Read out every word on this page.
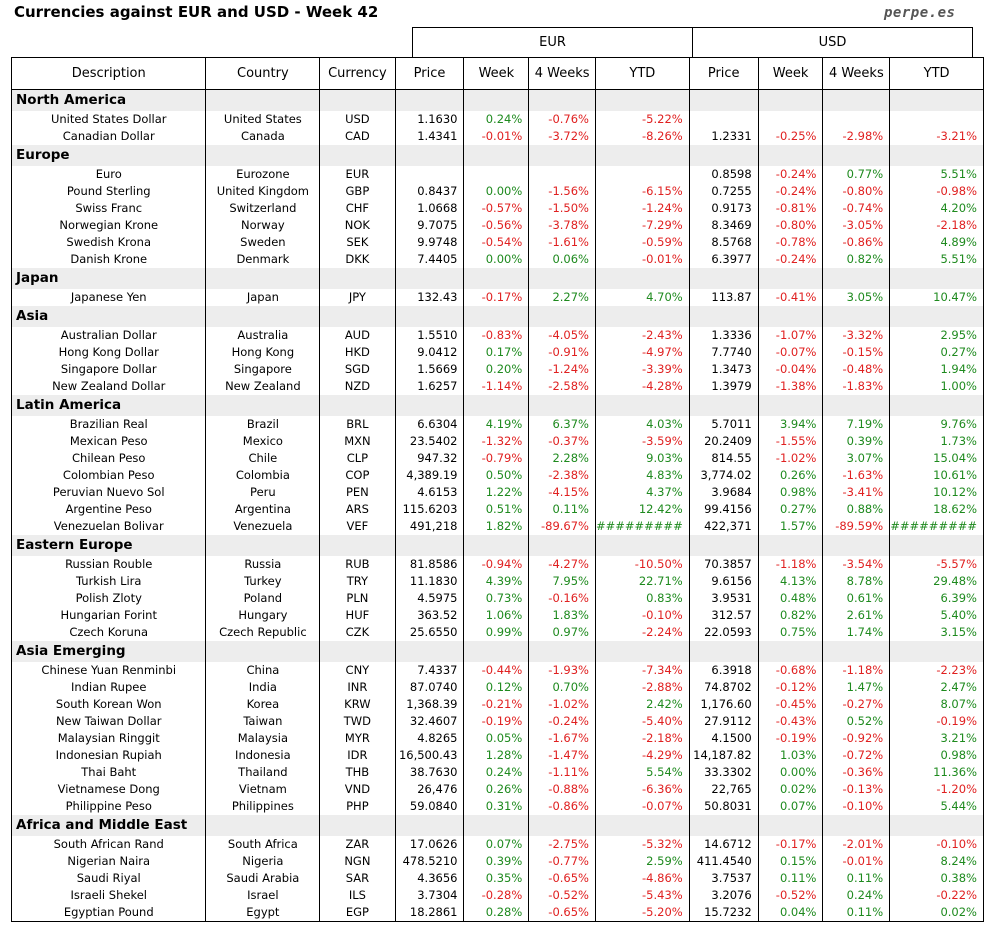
Currencies against EUR and USD - Week 42	perpe.es
EUR	USD
Description	Country	Currency	Price	Week	4 Weeks	YTD	Price	Week	4 Weeks	YTD
North America										
United States Dollar	United States	USD	1.1630	0.24%	-0.76%	-5.22%				
Canadian Dollar	Canada	CAD	1.4341	-0.01%	-3.72%	-8.26%	1.2331	-0.25%	-2.98%	-3.21%
Europe										
Euro	Eurozone	EUR					0.8598	-0.24%	0.77%	5.51%
Pound Sterling	United Kingdom	GBP	0.8437	0.00%	-1.56%	-6.15%	0.7255	-0.24%	-0.80%	-0.98%
Swiss Franc	Switzerland	CHF	1.0668	-0.57%	-1.50%	-1.24%	0.9173	-0.81%	-0.74%	4.20%
Norwegian Krone	Norway	NOK	9.7075	-0.56%	-3.78%	-7.29%	8.3469	-0.80%	-3.05%	-2.18%
Swedish Krona	Sweden	SEK	9.9748	-0.54%	-1.61%	-0.59%	8.5768	-0.78%	-0.86%	4.89%
Danish Krone	Denmark	DKK	7.4405	0.00%	0.06%	-0.01%	6.3977	-0.24%	0.82%	5.51%
Japan										
Japanese Yen	Japan	JPY	132.43	-0.17%	2.27%	4.70%	113.87	-0.41%	3.05%	10.47%
Asia										
Australian Dollar	Australia	AUD	1.5510	-0.83%	-4.05%	-2.43%	1.3336	-1.07%	-3.32%	2.95%
Hong Kong Dollar	Hong Kong	HKD	9.0412	0.17%	-0.91%	-4.97%	7.7740	-0.07%	-0.15%	0.27%
Singapore Dollar	Singapore	SGD	1.5669	0.20%	-1.24%	-3.39%	1.3473	-0.04%	-0.48%	1.94%
New Zealand Dollar	New Zealand	NZD	1.6257	-1.14%	-2.58%	-4.28%	1.3979	-1.38%	-1.83%	1.00%
Latin America										
Brazilian Real	Brazil	BRL	6.6304	4.19%	6.37%	4.03%	5.7011	3.94%	7.19%	9.76%
Mexican Peso	Mexico	MXN	23.5402	-1.32%	-0.37%	-3.59%	20.2409	-1.55%	0.39%	1.73%
Chilean Peso	Chile	CLP	947.32	-0.79%	2.28%	9.03%	814.55	-1.02%	3.07%	15.04%
Colombian Peso	Colombia	COP	4,389.19	0.50%	-2.38%	4.83%	3,774.02	0.26%	-1.63%	10.61%
Peruvian Nuevo Sol	Peru	PEN	4.6153	1.22%	-4.15%	4.37%	3.9684	0.98%	-3.41%	10.12%
Argentine Peso	Argentina	ARS	115.6203	0.51%	0.11%	12.42%	99.4156	0.27%	0.88%	18.62%
Venezuelan Bolivar	Venezuela	VEF	491,218	1.82%	-89.67%	#########	422,371	1.57%	-89.59%	#########
Eastern Europe										
Russian Rouble	Russia	RUB	81.8586	-0.94%	-4.27%	-10.50%	70.3857	-1.18%	-3.54%	-5.57%
Turkish Lira	Turkey	TRY	11.1830	4.39%	7.95%	22.71%	9.6156	4.13%	8.78%	29.48%
Polish Zloty	Poland	PLN	4.5975	0.73%	-0.16%	0.83%	3.9531	0.48%	0.61%	6.39%
Hungarian Forint	Hungary	HUF	363.52	1.06%	1.83%	-0.10%	312.57	0.82%	2.61%	5.40%
Czech Koruna	Czech Republic	CZK	25.6550	0.99%	0.97%	-2.24%	22.0593	0.75%	1.74%	3.15%
Asia Emerging										
Chinese Yuan Renminbi	China	CNY	7.4337	-0.44%	-1.93%	-7.34%	6.3918	-0.68%	-1.18%	-2.23%
Indian Rupee	India	INR	87.0740	0.12%	0.70%	-2.88%	74.8702	-0.12%	1.47%	2.47%
South Korean Won	Korea	KRW	1,368.39	-0.21%	-1.02%	2.42%	1,176.60	-0.45%	-0.27%	8.07%
New Taiwan Dollar	Taiwan	TWD	32.4607	-0.19%	-0.24%	-5.40%	27.9112	-0.43%	0.52%	-0.19%
Malaysian Ringgit	Malaysia	MYR	4.8265	0.05%	-1.67%	-2.18%	4.1500	-0.19%	-0.92%	3.21%
Indonesian Rupiah	Indonesia	IDR	16,500.43	1.28%	-1.47%	-4.29%	14,187.82	1.03%	-0.72%	0.98%
Thai Baht	Thailand	THB	38.7630	0.24%	-1.11%	5.54%	33.3302	0.00%	-0.36%	11.36%
Vietnamese Dong	Vietnam	VND	26,476	0.26%	-0.88%	-6.36%	22,765	0.02%	-0.13%	-1.20%
Philippine Peso	Philippines	PHP	59.0840	0.31%	-0.86%	-0.07%	50.8031	0.07%	-0.10%	5.44%
Africa and Middle East										
South African Rand	South Africa	ZAR	17.0626	0.07%	-2.75%	-5.32%	14.6712	-0.17%	-2.01%	-0.10%
Nigerian Naira	Nigeria	NGN	478.5210	0.39%	-0.77%	2.59%	411.4540	0.15%	-0.01%	8.24%
Saudi Riyal	Saudi Arabia	SAR	4.3656	0.35%	-0.65%	-4.86%	3.7537	0.11%	0.11%	0.38%
Israeli Shekel	Israel	ILS	3.7304	-0.28%	-0.52%	-5.43%	3.2076	-0.52%	0.24%	-0.22%
Egyptian Pound	Egypt	EGP	18.2861	0.28%	-0.65%	-5.20%	15.7232	0.04%	0.11%	0.02%
